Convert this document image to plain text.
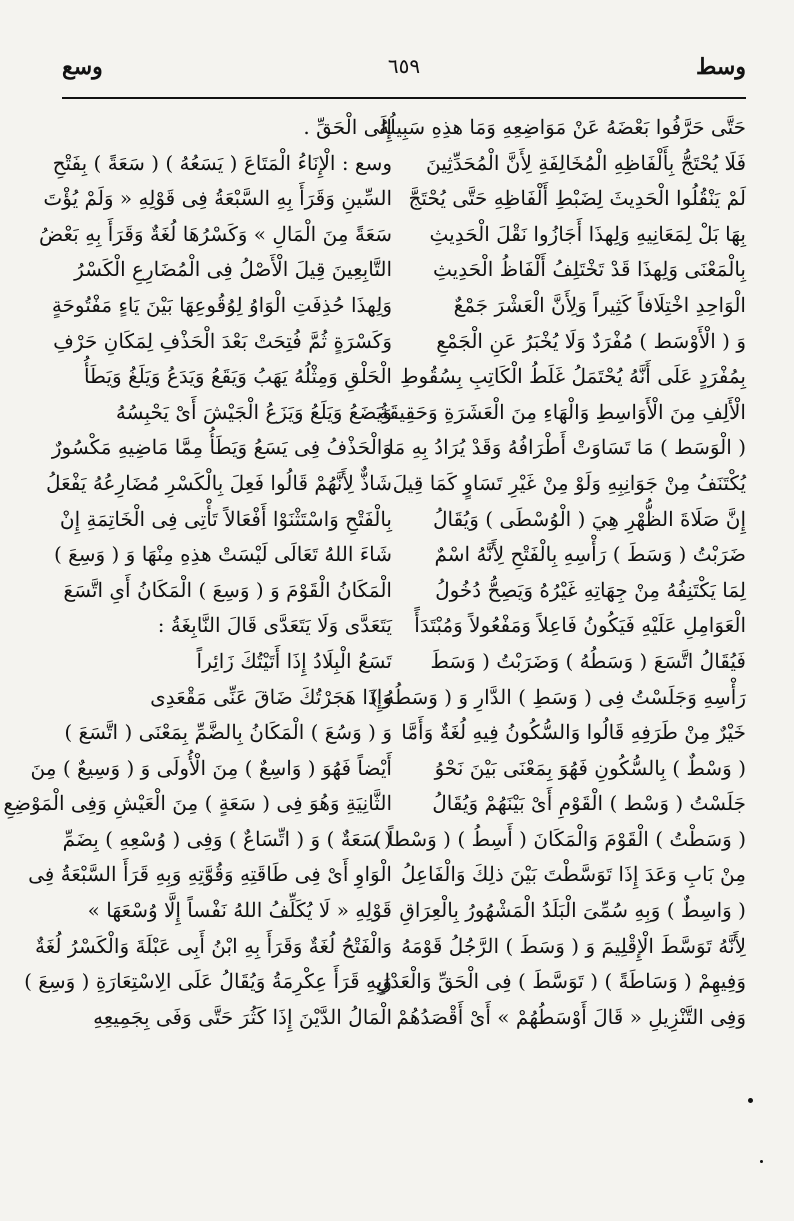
وسط
٦٥٩
وسع
حَتَّى حَرَّفُوا بَعْضَهُ عَنْ مَوَاضِعِهِ وَمَا هذِهِ سَبِيلُهُ
فَلَا يُحْتَجُّ بِأَلْفَاظِهِ الْمُخَالِفَةِ لِأَنَّ الْمُحَدِّثِينَ
لَمْ يَنْقُلُوا الْحَدِيثَ لِضَبْطِ أَلْفَاظِهِ حَتَّى يُحْتَجَّ
بِهَا بَلْ لِمَعَانِيهِ وَلِهذَا أَجَازُوا نَقْلَ الْحَدِيثِ
بِالْمَعْنَى وَلِهذَا قَدْ تَخْتَلِفُ أَلْفَاظُ الْحَدِيثِ
الْوَاحِدِ اخْتِلَافاً كَثِيراً وَلِأَنَّ الْعَشْرَ جَمْعٌ
وَ ( الْأَوْسَط ) مُفْرَدٌ وَلَا يُخْبَرُ عَنِ الْجَمْعِ
بِمُفْرَدٍ عَلَى أَنَّهُ يُحْتَمَلُ غَلَطُ الْكَاتِبِ بِسُقُوطِ
الْأَلِفِ مِنَ الْأَوَاسِطِ وَالْهَاءِ مِنَ الْعَشَرَةِ وَحَقِيقَةُ
( الْوَسَط ) مَا تَسَاوَتْ أَطْرَافُهُ وَقَدْ يُرَادُ بِهِ مَا
يُكْتَنَفُ مِنْ جَوَانِبِهِ وَلَوْ مِنْ غَيْرِ تَسَاوٍ كَمَا قِيلَ
إِنَّ صَلَاةَ الظُّهْرِ هِيَ ( الْوُسْطَى ) وَيُقَالُ
ضَرَبْتُ ( وَسَطَ ) رَأْسِهِ بِالْفَتْحِ لِأَنَّهُ اسْمٌ
لِمَا يَكْتَنِفُهُ مِنْ جِهَاتِهِ غَيْرُهُ وَيَصِحُّ دُخُولُ
الْعَوَامِلِ عَلَيْهِ فَيَكُونُ فَاعِلاً وَمَفْعُولاً وَمُبْتَدَأً
فَيُقَالُ اتَّسَعَ ( وَسَطُهُ ) وَضَرَبْتُ ( وَسَطَ
رَأْسِهِ وَجَلَسْتُ فِى ( وَسَطِ ) الدَّارِ وَ ( وَسَطُهُ )
خَيْرٌ مِنْ طَرَفِهِ قَالُوا وَالسُّكُونُ فِيهِ لُغَةٌ وَأَمَّا
( وَسْطٌ ) بِالسُّكُونِ فَهُوَ بِمَعْنَى بَيْنَ نَحْوُ
جَلَسْتُ ( وَسْط ) الْقَوْمِ أَىْ بَيْنَهُمْ وَيُقَالُ
( وَسَطْتُ ) الْقَوْمَ وَالْمَكَانَ ( أَسِطُ ) ( وَسْطاً )
مِنْ بَابِ وَعَدَ إِذَا تَوَسَّطْتَ بَيْنَ ذلِكَ وَالْفَاعِلُ
( وَاسِطٌ ) وَبِهِ سُمِّىَ الْبَلَدُ الْمَشْهُورُ بِالْعِرَاقِ
لِأَنَّهُ تَوَسَّطَ الْإِقْلِيمَ وَ ( وَسَطَ ) الرَّجُلُ قَوْمَهُ
وَفِيهِمْ ( وَسَاطَةً ) ( تَوَسَّطَ ) فِى الْحَقِّ وَالْعَدْلِ
وَفِى التَّنْزِيلِ « قَالَ أَوْسَطُهُمْ » أَىْ أَقْصَدُهُمْ
إِلَى الْحَقِّ .
وسع : الْإِنَاءُ الْمَتَاعَ ( يَسَعُهُ ) ( سَعَةً ) بِفَتْحِ
السِّينِ وَقَرَأَ بِهِ السَّبْعَةُ فِى قَوْلِهِ « وَلَمْ يُؤْتَ
سَعَةً مِنَ الْمَالِ » وَكَسْرُهَا لُغَةٌ وَقَرَأَ بِهِ بَعْضُ
التَّابِعِينَ قِيلَ الْأَصْلُ فِى الْمُضَارِعِ الْكَسْرُ
وَلِهذَا حُذِفَتِ الْوَاوُ لِوُقُوعِهَا بَيْنَ يَاءٍ مَفْتُوحَةٍ
وَكَسْرَةٍ ثُمَّ فُتِحَتْ بَعْدَ الْحَذْفِ لِمَكَانِ حَرْفِ
الْحَلْقِ وَمِثْلُهُ يَهَبُ وَيَقَعُ وَيَدَعُ وَيَلَغُ وَيَطَأُ
وَيَضَعُ وَيَلَعُ وَيَزَعُ الْجَيْشَ أَىْ يَحْبِسُهُ
وَالْحَذْفُ فِى يَسَعُ وَيَطَأُ مِمَّا مَاضِيهِ مَكْسُورٌ
شَاذٌّ لِأَنَّهُمْ قَالُوا فَعِلَ بِالْكَسْرِ مُضَارِعُهُ يَفْعَلُ
بِالْفَتْحِ وَاسْتَثْنَوْا أَفْعَالاً تَأْتِى فِى الْخَاتِمَةِ إِنْ
شَاءَ اللهُ تَعَالَى لَيْسَتْ هذِهِ مِنْهَا وَ ( وَسِعَ )
الْمَكَانُ الْقَوْمَ وَ ( وَسِعَ ) الْمَكَانُ أَىِ اتَّسَعَ
يَتَعَدَّى وَلَا يَتَعَدَّى قَالَ النَّابِغَةُ :
تَسَعُ الْبِلَادُ إِذَا أَتَيْتُكَ زَائِراً
وَإِذَا هَجَرْتُكَ ضَاقَ عَنِّى مَقْعَدِى
وَ ( وَسُعَ ) الْمَكَانُ بِالضَّمِّ بِمَعْنَى ( اتَّسَعَ )
أَيْضاً فَهُوَ ( وَاسِعٌ ) مِنَ الْأُولَى وَ ( وَسِيعٌ ) مِنَ
الثَّانِيَةِ وَهُوَ فِى ( سَعَةٍ ) مِنَ الْعَيْشِ وَفِى الْمَوْضِعِ
( سَعَةٌ ) وَ ( اتِّسَاعٌ ) وَفِى ( وُسْعِهِ ) بِضَمِّ
الْوَاوِ أَىْ فِى طَاقَتِهِ وَقُوَّتِهِ وَبِهِ قَرَأَ السَّبْعَةُ فِى
قَوْلِهِ « لَا يُكَلِّفُ اللهُ نَفْساً إِلَّا وُسْعَهَا »
وَالْفَتْحُ لُغَةٌ وَقَرَأَ بِهِ ابْنُ أَبِى عَبْلَةَ وَالْكَسْرُ لُغَةٌ
وَبِهِ قَرَأَ عِكْرِمَةُ وَيُقَالُ عَلَى الِاسْتِعَارَةِ ( وَسِعَ )
الْمَالُ الدَّيْنَ إِذَا كَثُرَ حَتَّى وَفَى بِجَمِيعِهِ
